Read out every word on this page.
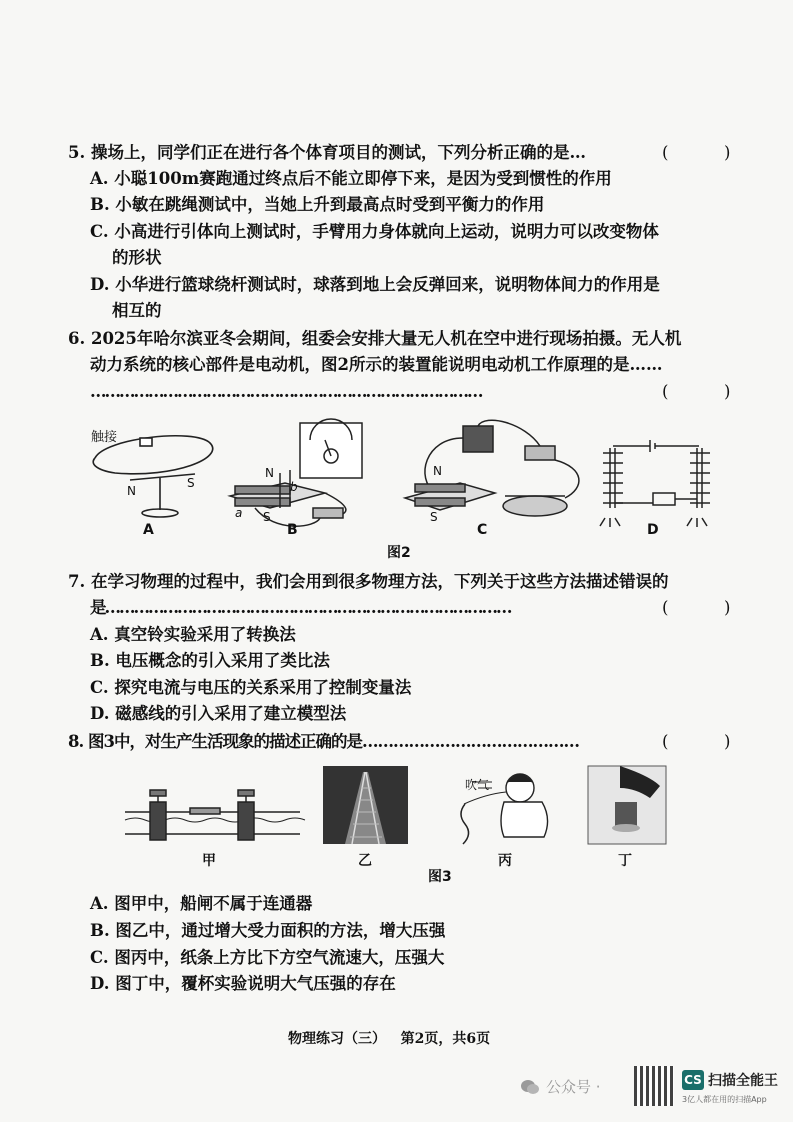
5. 操场上，同学们正在进行各个体育项目的测试，下列分析正确的是…	(	)
A. 小聪100m赛跑通过终点后不能立即停下来，是因为受到惯性的作用
B. 小敏在跳绳测试中，当她上升到最高点时受到平衡力的作用
C. 小高进行引体向上测试时，手臂用力身体就向上运动，说明力可以改变物体
的形状
D. 小华进行篮球绕杆测试时，球落到地上会反弹回来，说明物体间力的作用是
相互的
6. 2025年哈尔滨亚冬会期间，组委会安排大量无人机在空中进行现场拍摄。无人机
动力系统的核心部件是电动机，图2所示的装置能说明电动机工作原理的是……
………………………………………………………………………	(	)
触接
N
S
N
S
a
b
N
S
A	B	C	D
图2
7. 在学习物理的过程中，我们会用到很多物理方法，下列关于这些方法描述错误的
是…………………………………………………………………………	(	)
A. 真空铃实验采用了转换法
B. 电压概念的引入采用了类比法
C. 探究电流与电压的关系采用了控制变量法
D. 磁感线的引入采用了建立模型法
8. 图3中，对生产生活现象的描述正确的是……………………………………	(	)
吹气
甲	乙	丙	丁
图3
A. 图甲中，船闸不属于连通器
B. 图乙中，通过增大受力面积的方法，增大压强
C. 图丙中，纸条上方比下方空气流速大，压强大
D. 图丁中，覆杯实验说明大气压强的存在
物理练习（三）   第2页，共6页
公众号 ·	CS 扫描全能王
3亿人都在用的扫描App
